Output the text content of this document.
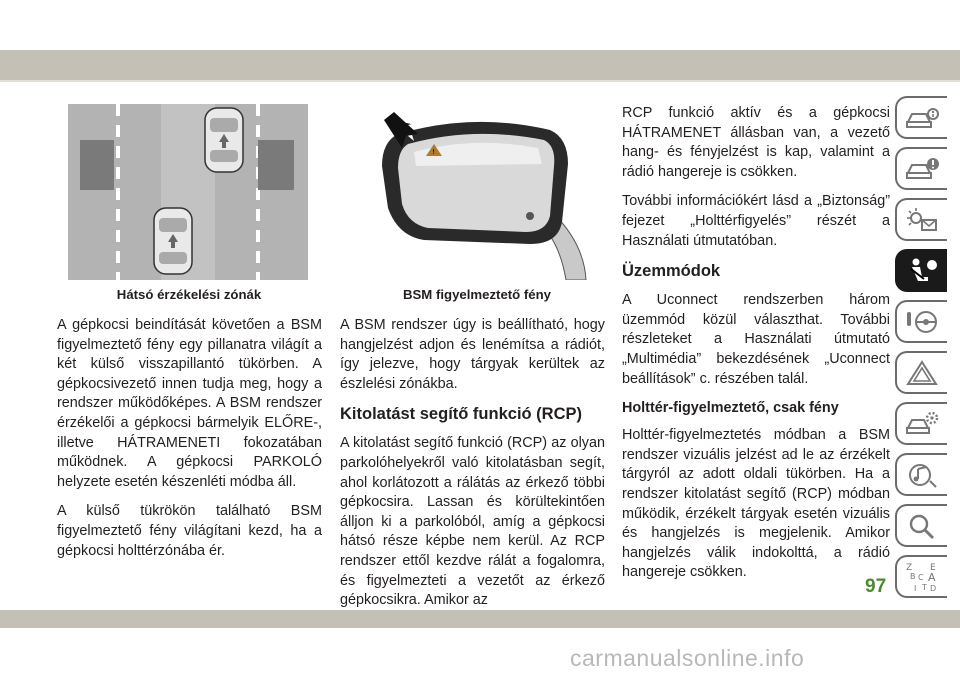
Hátsó érzékelési zónák
!
BSM figyelmeztető fény

A gépkocsi beindítását követően a BSM figyelmeztető fény egy pillanatra világít a két külső visszapillantó tükörben. A gépkocsivezető innen tudja meg, hogy a rendszer működőképes. A BSM rendszer érzékelői a gépkocsi bármelyik ELŐRE-, illetve HÁTRAMENETI fokozatában működnek. A gépkocsi PARKOLÓ helyzete esetén készenléti módba áll.

A külső tükrökön található BSM figyelmeztető fény világítani kezd, ha a gépkocsi holttérzónába ér.

A BSM rendszer úgy is beállítható, hogy hangjelzést adjon és lenémítsa a rádiót, így jelezve, hogy tárgyak kerültek az észlelési zónákba.

Kitolatást segítő funkció (RCP)

A kitolatást segítő funkció (RCP) az olyan parkolóhelyekről való kitolatásban segít, ahol korlátozott a rálátás az érkező többi gépkocsira. Lassan és körültekintően álljon ki a parkolóból, amíg a gépkocsi hátsó része képbe nem kerül. Az RCP rendszer ettől kezdve rálát a fogalomra, és figyelmezteti a vezetőt az érkező gépkocsikra. Amikor az

RCP funkció aktív és a gépkocsi HÁTRAMENET állásban van, a vezető hang- és fényjelzést is kap, valamint a rádió hangereje is csökken.

További információkért lásd a „Biztonság” fejezet „Holttérfigyelés” részét a Használati útmutatóban.

Üzemmódok

A Uconnect rendszerben három üzemmód közül választhat. További részleteket a Használati útmutató „Multimédia” bekezdésének „Uconnect beállítások” c. részében talál.

Holttér-figyelmeztető, csak fény

Holttér-figyelmeztetés módban a BSM rendszer vizuális jelzést ad le az érzékelt tárgyról az adott oldali tükörben. Ha a rendszer kitolatást segítő (RCP) módban működik, érzékelt tárgyak esetén vizuális és hangjelzés is megjelenik. Amikor hangjelzés válik indokolttá, a rádió hangereje csökken.	Z E
B A
C
T
I D
97
carmanualsonline.info
